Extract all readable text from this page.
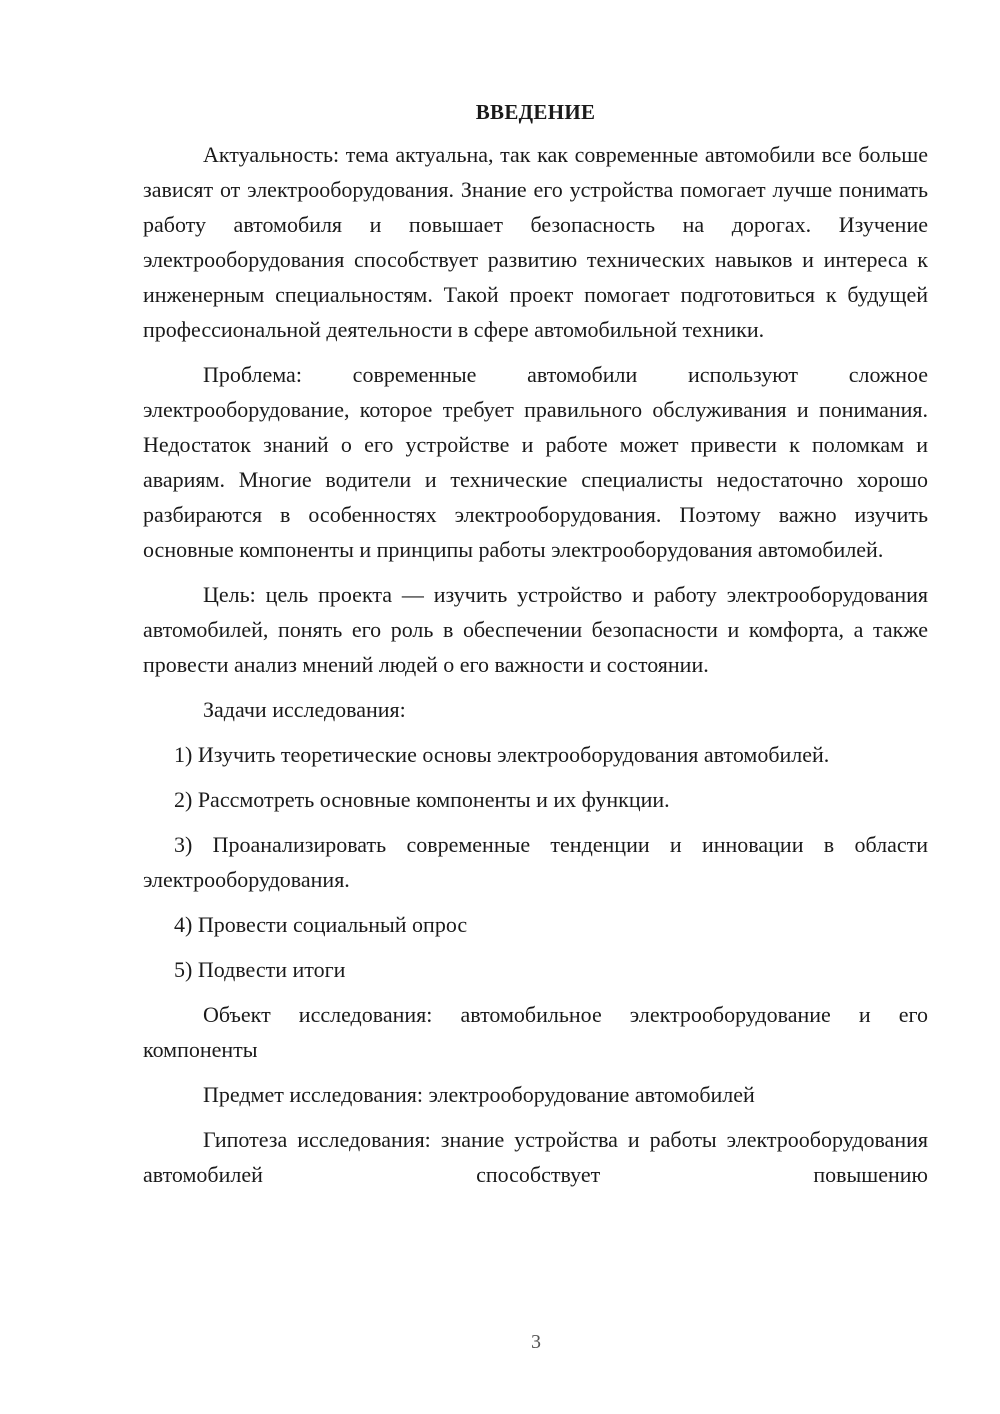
ВВЕДЕНИЕ

Актуальность: тема актуальна, так как современные автомобили все больше зависят от электрооборудования. Знание его устройства помогает лучше понимать работу автомобиля и повышает безопасность на дорогах. Изучение электрооборудования способствует развитию технических навыков и интереса к инженерным специальностям. Такой проект помогает подготовиться к будущей профессиональной деятельности в сфере автомобильной техники.

Проблема: современные автомобили используют сложное электрооборудование, которое требует правильного обслуживания и понимания. Недостаток знаний о его устройстве и работе может привести к поломкам и авариям. Многие водители и технические специалисты недостаточно хорошо разбираются в особенностях электрооборудования. Поэтому важно изучить основные компоненты и принципы работы электрооборудования автомобилей.

Цель: цель проекта — изучить устройство и работу электрооборудования автомобилей, понять его роль в обеспечении безопасности и комфорта, а также провести анализ мнений людей о его важности и состоянии.

Задачи исследования:

1) Изучить теоретические основы электрооборудования автомобилей.

2) Рассмотреть основные компоненты и их функции.

3) Проанализировать современные тенденции и инновации в области электрооборудования.

4) Провести социальный опрос

5) Подвести итоги

Объект исследования: автомобильное электрооборудование и его компоненты

Предмет исследования: электрооборудование автомобилей

Гипотеза исследования: знание устройства и работы электрооборудования автомобилей способствует повышению

3
